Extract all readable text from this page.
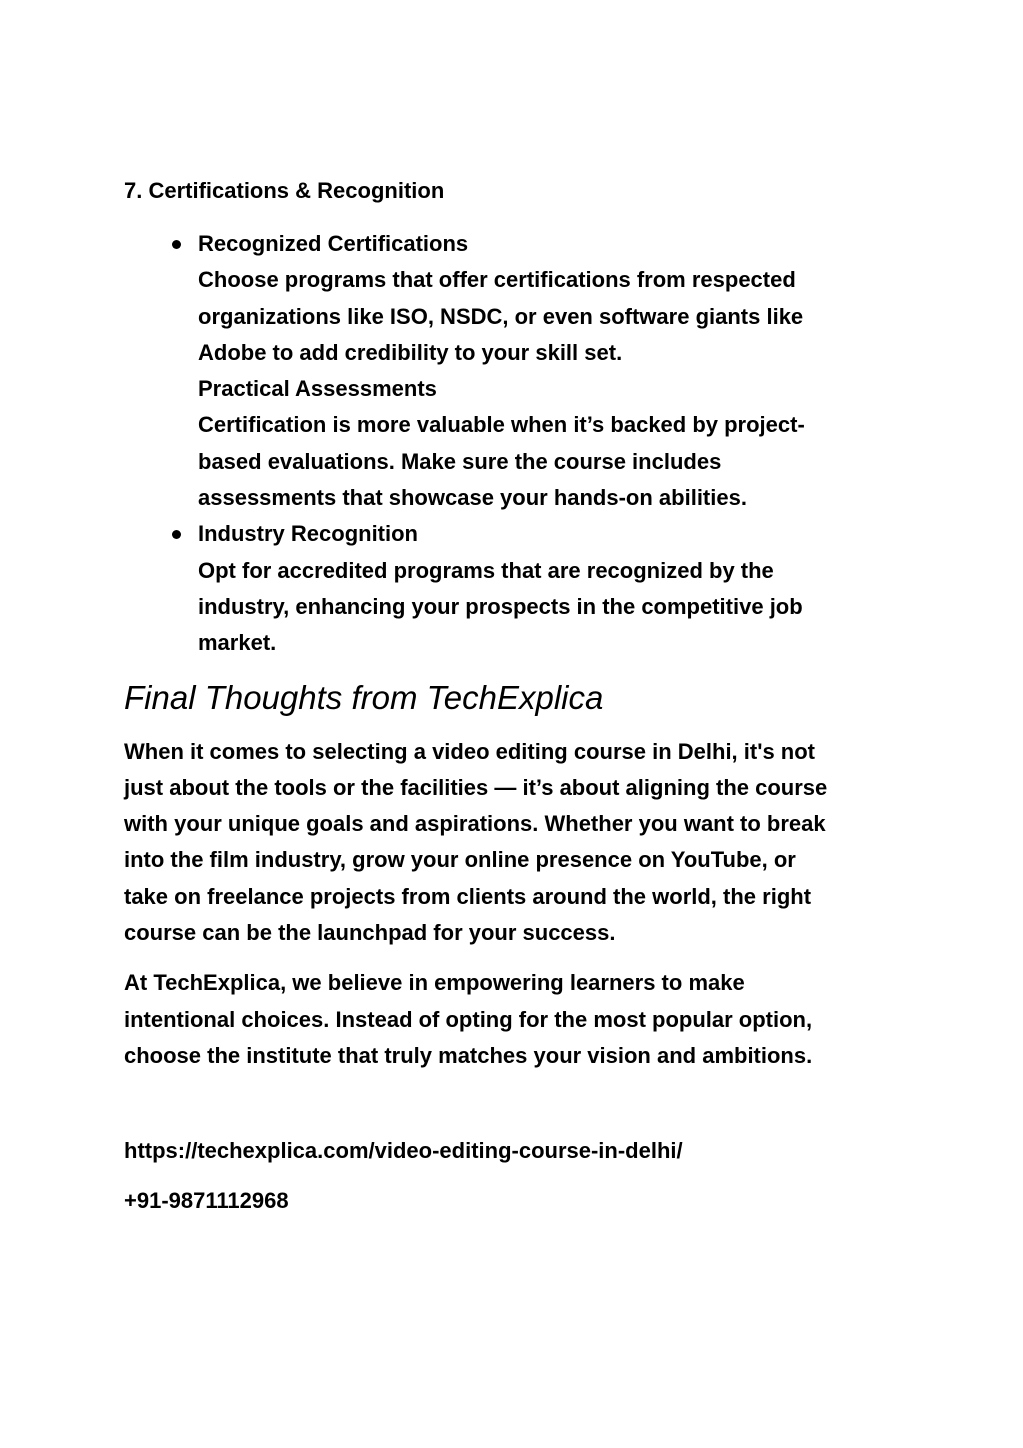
7. Certifications & Recognition
Recognized Certifications
Choose programs that offer certifications from respected
organizations like ISO, NSDC, or even software giants like
Adobe to add credibility to your skill set.
Practical Assessments
Certification is more valuable when it’s backed by project-
based evaluations. Make sure the course includes
assessments that showcase your hands-on abilities.
Industry Recognition
Opt for accredited programs that are recognized by the
industry, enhancing your prospects in the competitive job
market.
Final Thoughts from TechExplica

When it comes to selecting a video editing course in Delhi, it's not
just about the tools or the facilities — it’s about aligning the course
with your unique goals and aspirations. Whether you want to break
into the film industry, grow your online presence on YouTube, or
take on freelance projects from clients around the world, the right
course can be the launchpad for your success.

At TechExplica, we believe in empowering learners to make
intentional choices. Instead of opting for the most popular option,
choose the institute that truly matches your vision and ambitions.

https://techexplica.com/video-editing-course-in-delhi/

+91-9871112968
